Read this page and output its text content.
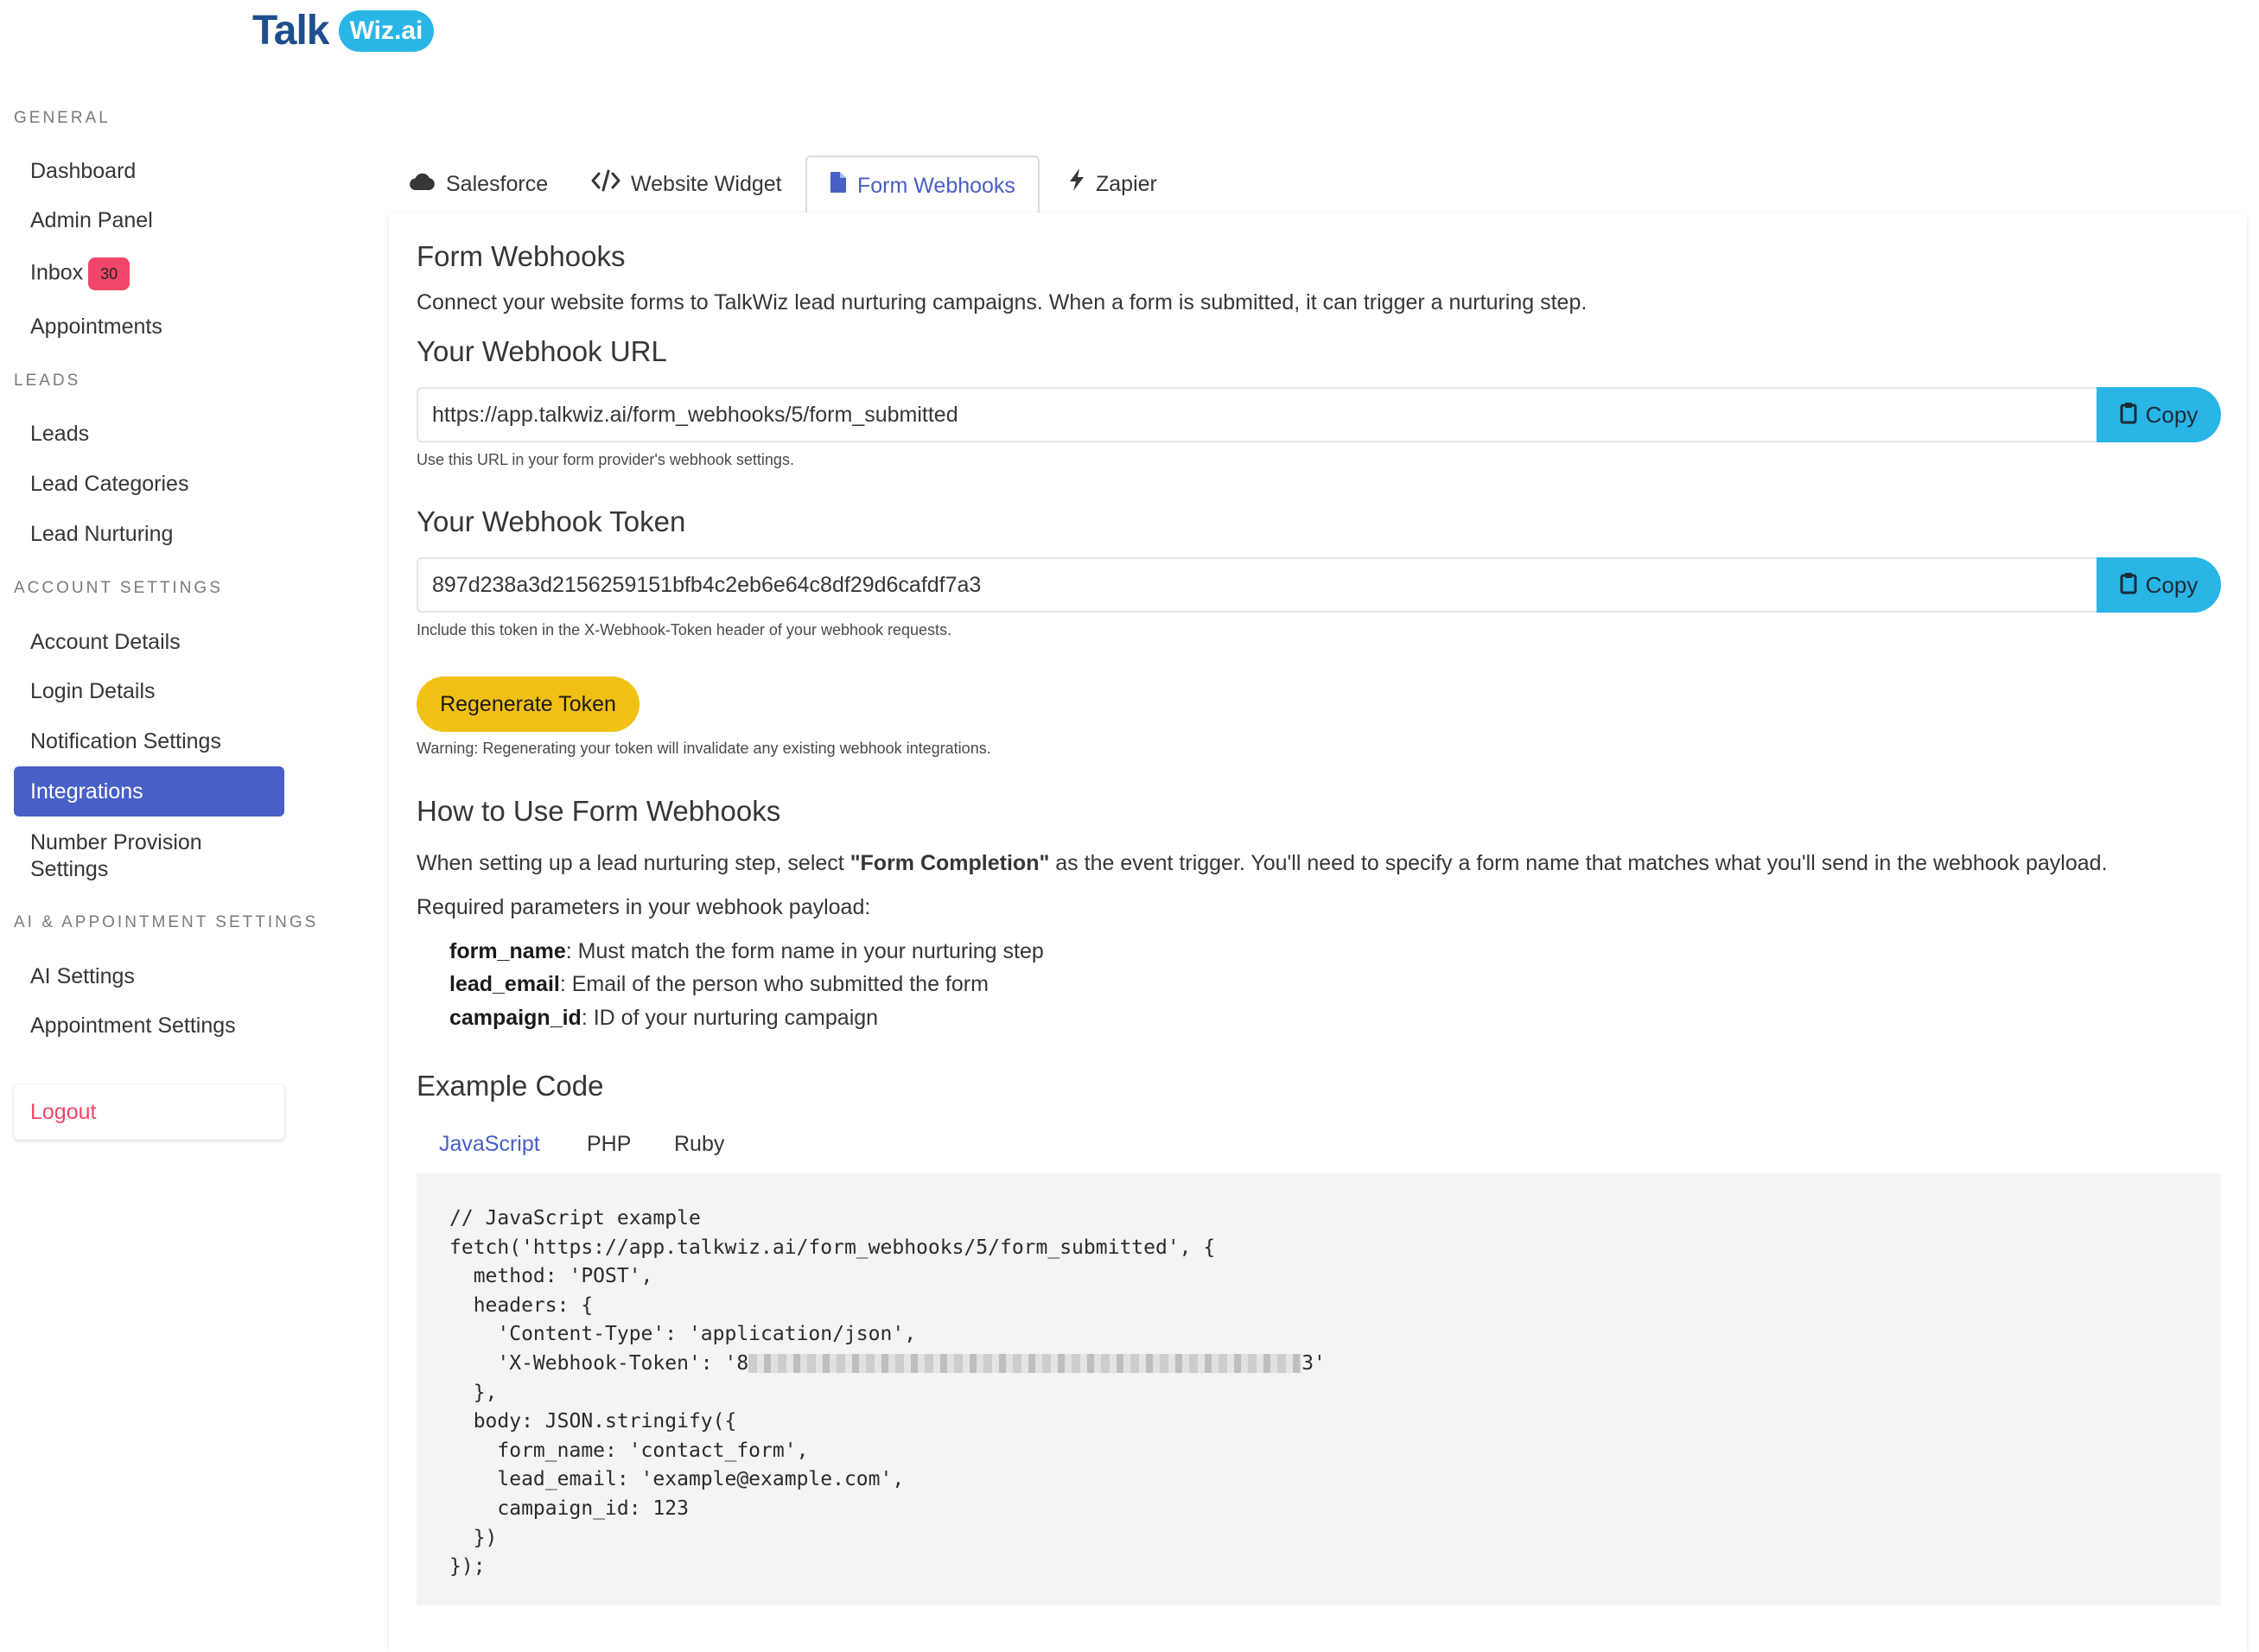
Talk Wiz.ai
GENERAL
Dashboard
Admin Panel
Inbox 30
Appointments
LEADS
Leads
Lead Categories
Lead Nurturing
ACCOUNT SETTINGS
Account Details
Login Details
Notification Settings
Integrations
Number Provision
Settings
AI & APPOINTMENT SETTINGS
AI Settings
Appointment Settings
Logout
Salesforce	Website Widget	Form Webhooks	Zapier
Form Webhooks
Connect your website forms to TalkWiz lead nurturing campaigns. When a form is submitted, it can trigger a nurturing step.
Your Webhook URL
https://app.talkwiz.ai/form_webhooks/5/form_submitted	Copy
Use this URL in your form provider's webhook settings.
Your Webhook Token
897d238a3d2156259151bfb4c2eb6e64c8df29d6cafdf7a3	Copy
Include this token in the X-Webhook-Token header of your webhook requests.
Regenerate Token
Warning: Regenerating your token will invalidate any existing webhook integrations.
How to Use Form Webhooks
When setting up a lead nurturing step, select "Form Completion" as the event trigger. You'll need to specify a form name that matches what you'll send in the webhook payload.
Required parameters in your webhook payload:
form_name: Must match the form name in your nurturing step
lead_email: Email of the person who submitted the form
campaign_id: ID of your nurturing campaign
Example Code
JavaScript PHP Ruby
// JavaScript example
fetch('https://app.talkwiz.ai/form_webhooks/5/form_submitted', {
method: 'POST',
headers: {
'Content-Type': 'application/json',
'X-Webhook-Token': '8	3'
},
body: JSON.stringify({
form_name: 'contact_form',
lead_email: 'example@example.com',
campaign_id: 123
})
});
